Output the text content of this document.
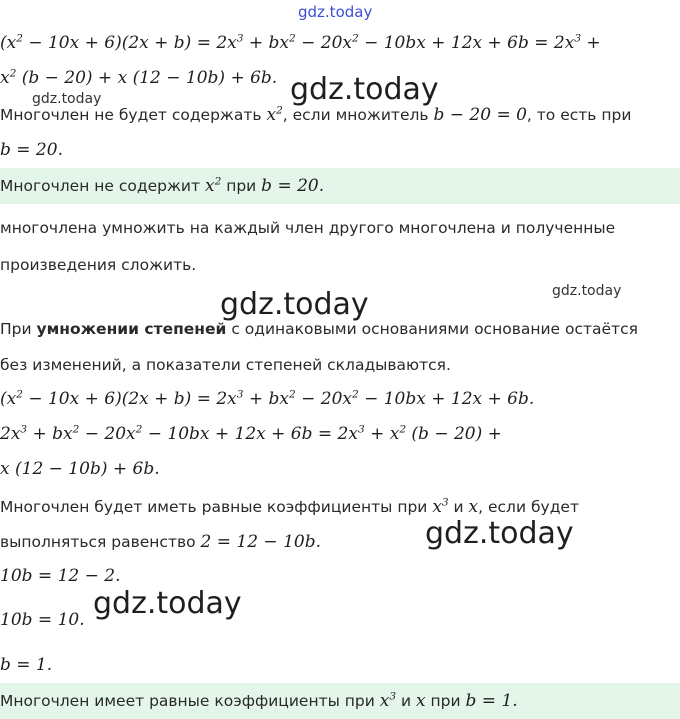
gdz.today
gdz.today
gdz.today
gdz.today	gdz.today
gdz.today
gdz.today
$(x^2 - 10x + 6)(2x + b) = 2x^3 + bx^2 - 20x^2 - 10bx + 12x + 6b = 2x^3$ +
$x^2$ (b − 20) + x (12 − 10b) + 6b.
Многочлен не будет содержать $x^2$, если множитель b − 20 = 0, то есть при
b = 20.
Многочлен не содержит $x^2$ при b = 20.
многочлена умножить на каждый член другого многочлена и полученные
произведения сложить.
При умножении степеней с одинаковыми основаниями основание остаётся
без изменений, а показатели степеней складываются.
$(x^2 - 10x + 6)(2x + b) = 2x^3 + bx^2 - 20x^2 - 10bx + 12x + 6b$.
$2x^3 + bx^2 - 20x^2 - 10bx + 12x + 6b = 2x^3 + x^2$ (b − 20) +
x (12 − 10b) + 6b.
Многочлен будет иметь равные коэффициенты при $x^3$ и x, если будет
выполняться равенство 2 = 12 − 10b.
10b = 12 − 2.
10b = 10.
b = 1.
Многочлен имеет равные коэффициенты при $x^3$ и x при b = 1.
